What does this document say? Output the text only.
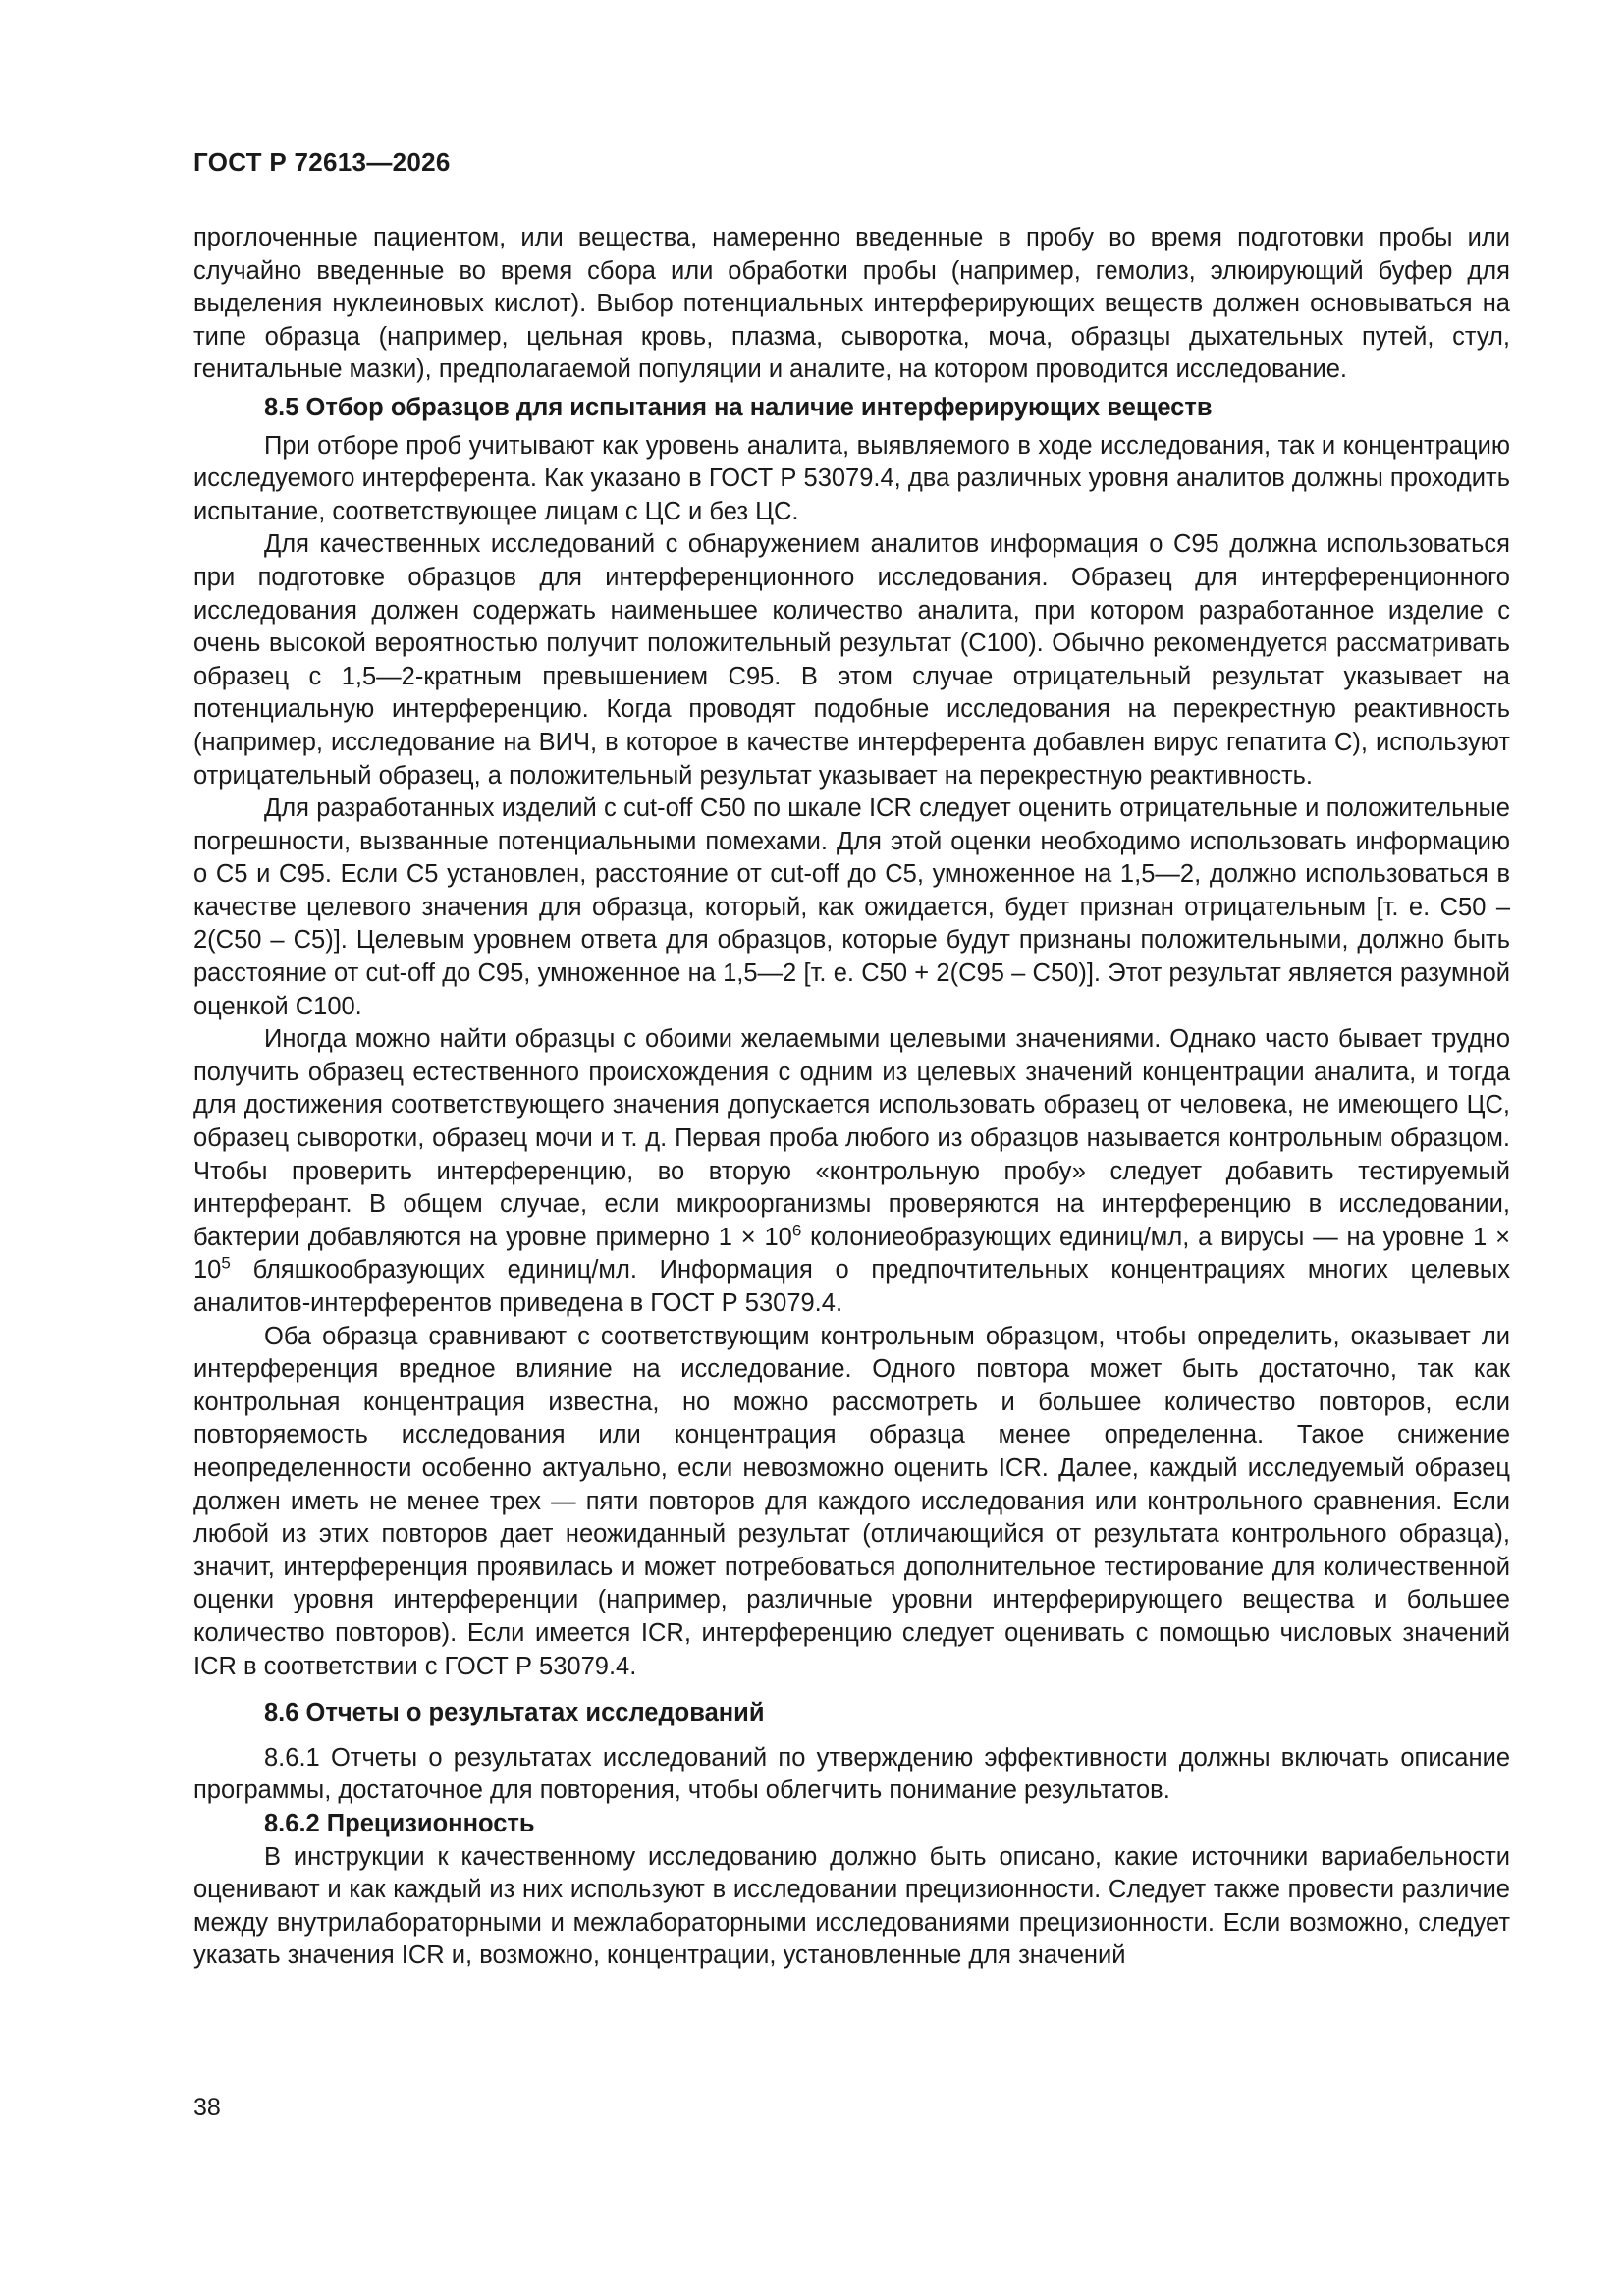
ГОСТ Р 72613—2026

проглоченные пациентом, или вещества, намеренно введенные в пробу во время подготовки пробы или случайно введенные во время сбора или обработки пробы (например, гемолиз, элюирующий буфер для выделения нуклеиновых кислот). Выбор потенциальных интерферирующих веществ должен основываться на типе образца (например, цельная кровь, плазма, сыворотка, моча, образцы дыхательных путей, стул, генитальные мазки), предполагаемой популяции и аналите, на котором проводится исследование.

8.5 Отбор образцов для испытания на наличие интерферирующих веществ

При отборе проб учитывают как уровень аналита, выявляемого в ходе исследования, так и концентрацию исследуемого интерферента. Как указано в ГОСТ Р 53079.4, два различных уровня аналитов должны проходить испытание, соответствующее лицам с ЦС и без ЦС.

Для качественных исследований с обнаружением аналитов информация о C95 должна использоваться при подготовке образцов для интерференционного исследования. Образец для интерференционного исследования должен содержать наименьшее количество аналита, при котором разработанное изделие с очень высокой вероятностью получит положительный результат (C100). Обычно рекомендуется рассматривать образец с 1,5—2-кратным превышением C95. В этом случае отрицательный результат указывает на потенциальную интерференцию. Когда проводят подобные исследования на перекрестную реактивность (например, исследование на ВИЧ, в которое в качестве интерферента добавлен вирус гепатита С), используют отрицательный образец, а положительный результат указывает на перекрестную реактивность.

Для разработанных изделий с cut-off C50 по шкале ICR следует оценить отрицательные и положительные погрешности, вызванные потенциальными помехами. Для этой оценки необходимо использовать информацию о C5 и C95. Если C5 установлен, расстояние от cut-off до C5, умноженное на 1,5—2, должно использоваться в качестве целевого значения для образца, который, как ожидается, будет признан отрицательным [т. е. C50 – 2(C50 – C5)]. Целевым уровнем ответа для образцов, которые будут признаны положительными, должно быть расстояние от cut-off до C95, умноженное на 1,5—2 [т. е. C50 + 2(C95 – C50)]. Этот результат является разумной оценкой C100.

Иногда можно найти образцы с обоими желаемыми целевыми значениями. Однако часто бывает трудно получить образец естественного происхождения с одним из целевых значений концентрации аналита, и тогда для достижения соответствующего значения допускается использовать образец от человека, не имеющего ЦС, образец сыворотки, образец мочи и т. д. Первая проба любого из образцов называется контрольным образцом. Чтобы проверить интерференцию, во вторую «контрольную пробу» следует добавить тестируемый интерферант. В общем случае, если микроорганизмы проверяются на интерференцию в исследовании, бактерии добавляются на уровне примерно $1 \times 10^6$ колониеобразующих единиц/мл, а вирусы — на уровне $1 \times 10^5$ бляшкообразующих единиц/мл. Информация о предпочтительных концентрациях многих целевых аналитов-интерферентов приведена в ГОСТ Р 53079.4.

Оба образца сравнивают с соответствующим контрольным образцом, чтобы определить, оказывает ли интерференция вредное влияние на исследование. Одного повтора может быть достаточно, так как контрольная концентрация известна, но можно рассмотреть и большее количество повторов, если повторяемость исследования или концентрация образца менее определенна. Такое снижение неопределенности особенно актуально, если невозможно оценить ICR. Далее, каждый исследуемый образец должен иметь не менее трех — пяти повторов для каждого исследования или контрольного сравнения. Если любой из этих повторов дает неожиданный результат (отличающийся от результата контрольного образца), значит, интерференция проявилась и может потребоваться дополнительное тестирование для количественной оценки уровня интерференции (например, различные уровни интерферирующего вещества и большее количество повторов). Если имеется ICR, интерференцию следует оценивать с помощью числовых значений ICR в соответствии с ГОСТ Р 53079.4.

8.6 Отчеты о результатах исследований

8.6.1 Отчеты о результатах исследований по утверждению эффективности должны включать описание программы, достаточное для повторения, чтобы облегчить понимание результатов.

8.6.2 Прецизионность

В инструкции к качественному исследованию должно быть описано, какие источники вариабельности оценивают и как каждый из них используют в исследовании прецизионности. Следует также провести различие между внутрилабораторными и межлабораторными исследованиями прецизионности. Если возможно, следует указать значения ICR и, возможно, концентрации, установленные для значений

38
